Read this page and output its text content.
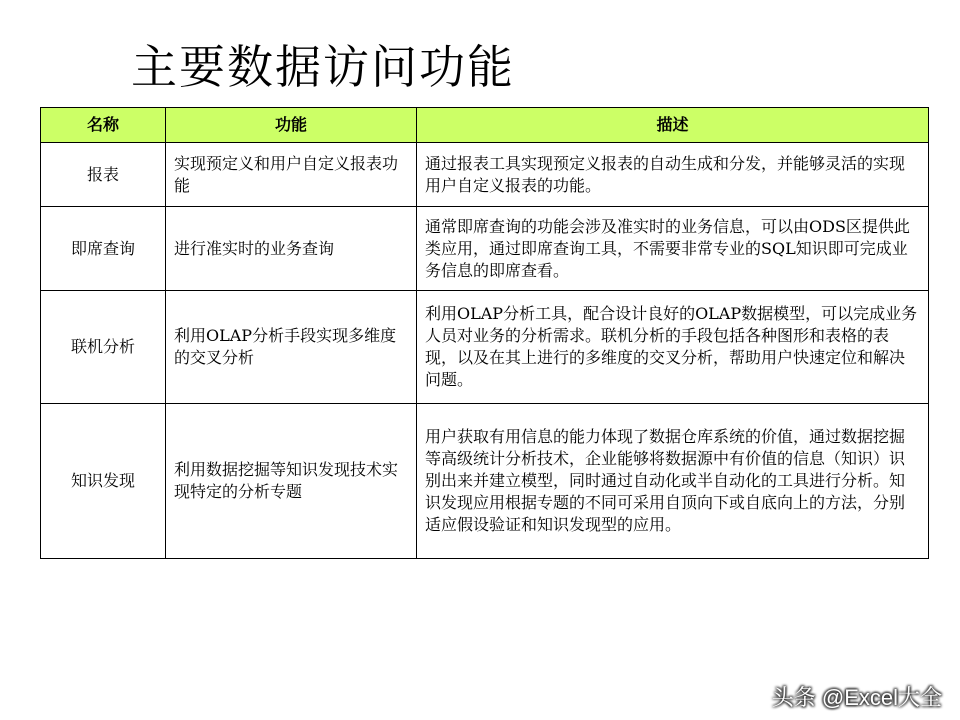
主要数据访问功能
名称	功能	描述
报表	实现预定义和用户自定义报表功能	通过报表工具实现预定义报表的自动生成和分发，并能够灵活的实现用户自定义报表的功能。
即席查询	进行准实时的业务查询	通常即席查询的功能会涉及准实时的业务信息，可以由ODS区提供此类应用，通过即席查询工具，不需要非常专业的SQL知识即可完成业务信息的即席查看。
联机分析	利用OLAP分析手段实现多维度的交叉分析	利用OLAP分析工具，配合设计良好的OLAP数据模型，可以完成业务人员对业务的分析需求。联机分析的手段包括各种图形和表格的表现，以及在其上进行的多维度的交叉分析，帮助用户快速定位和解决问题。
知识发现	利用数据挖掘等知识发现技术实现特定的分析专题	用户获取有用信息的能力体现了数据仓库系统的价值，通过数据挖掘等高级统计分析技术，企业能够将数据源中有价值的信息（知识）识别出来并建立模型，同时通过自动化或半自动化的工具进行分析。知识发现应用根据专题的不同可采用自顶向下或自底向上的方法，分别适应假设验证和知识发现型的应用。
头条 @Excel大全
